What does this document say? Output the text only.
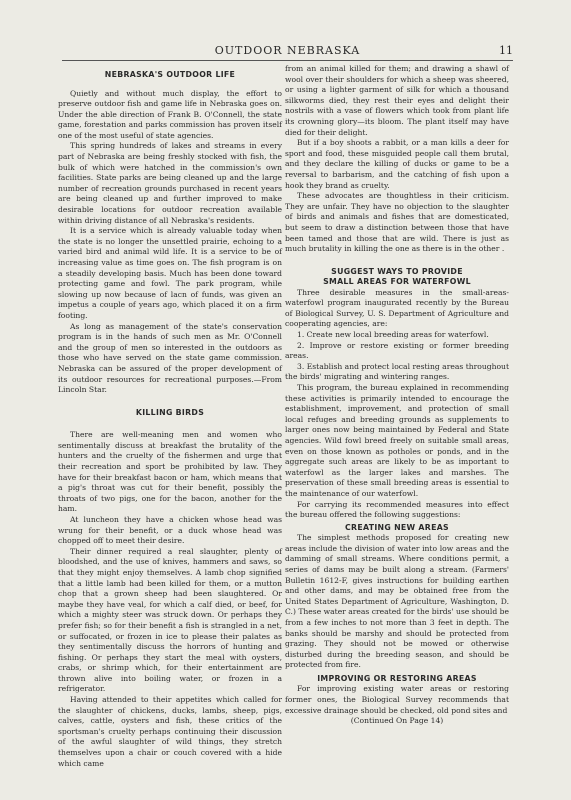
OUTDOOR NEBRASKA	11
NEBRASKA'S OUTDOOR LIFE

Quietly and without much display, the effort to preserve outdoor fish and game life in Nebraska goes on. Under the able direction of Frank B. O'Connell, the state game, forestation and parks commission has proven itself one of the most useful of state agencies.

This spring hundreds of lakes and streams in every part of Nebraska are being freshly stocked with fish, the bulk of which were hatched in the commission's own facilities. State parks are being cleaned up and the large number of recreation grounds purchased in recent years are being cleaned up and further improved to make desirable locations for outdoor recreation available within driving distance of all Nebraska's residents.

It is a service which is already valuable today when the state is no longer the unsettled prairie, echoing to a varied bird and animal wild life. It is a service to be of increasing value as time goes on. The fish program is on a steadily developing basis. Much has been done toward protecting game and fowl. The park program, while slowing up now because of lacn of funds, was given an impetus a couple of years ago, which placed it on a firm footing.

As long as management of the state's conservation program is in the hands of such men as Mr. O'Connell and the group of men so interested in the outdoors as those who have served on the state game commission. Nebraska can be assured of the proper development of its outdoor resources for recreational purposes.—From Lincoln Star.

KILLING BIRDS

There are well-meaning men and women who sentimentally discuss at breakfast the brutality of the hunters and the cruelty of the fishermen and urge that their recreation and sport be prohibited by law. They have for their breakfast bacon or ham, which means that a pig's throat was cut for their benefit, possibly the throats of two pigs, one for the bacon, another for the ham.

At luncheon they have a chicken whose head was wrung for their benefit, or a duck whose head was chopped off to meet their desire.

Their dinner required a real slaughter, plenty of bloodshed, and the use of knives, hammers and saws, so that they might enjoy themselves. A lamb chop signified that a little lamb had been killed for them, or a mutton chop that a grown sheep had been slaughtered. Or maybe they have veal, for which a calf died, or beef, for which a mighty steer was struck down. Or perhaps they prefer fish; so for their benefit a fish is strangled in a net, or suffocated, or frozen in ice to please their palates as they sentimentally discuss the horrors of hunting and fishing. Or perhaps they start the meal with oysters, crabs, or shrimp which, for their entertainment are thrown alive into boiling water, or frozen in a refrigerator.

Having attended to their appetites which called for the slaughter of chickens, ducks, lambs, sheep, pigs, calves, cattle, oysters and fish, these critics of the sportsman's cruelty perhaps continuing their discussion of the awful slaughter of wild things, they stretch themselves upon a chair or couch covered with a hide which came

from an animal killed for them; and drawing a shawl of wool over their shoulders for which a sheep was sheered, or using a lighter garment of silk for which a thousand silkworms died, they rest their eyes and delight their nostrils with a vase of flowers which took from plant life its crowning glory—its bloom. The plant itself may have died for their delight.

But if a boy shoots a rabbit, or a man kills a deer for sport and food, these misguided people call them brutal, and they declare the killing of ducks or game to be a reversal to barbarism, and the catching of fish upon a hook they brand as cruelty.

These advocates are thoughtless in their criticism. They are unfair. They have no objection to the slaughter of birds and animals and fishes that are domesticated, but seem to draw a distinction between those that have been tamed and those that are wild. There is just as much brutality in killing the one as there is in the other .

SUGGEST WAYS TO PROVIDE
SMALL AREAS FOR WATERFOWL

Three desirable measures in the small-areas-waterfowl program inaugurated recently by the Bureau of Biological Survey, U. S. Department of Agriculture and cooperating agencies, are:

1. Create new local breeding areas for waterfowl.

2. Improve or restore existing or former breeding areas.

3. Establish and protect local resting areas throughout the birds' migrating and wintering ranges.

This program, the bureau explained in recommending these activities is primarily intended to encourage the establishment, improvement, and protection of small local refuges and breeding grounds as supplements to larger ones now being maintained by Federal and State agencies. Wild fowl breed freely on suitable small areas, even on those known as potholes or ponds, and in the aggregate such areas are likely to be as important to waterfowl as the larger lakes and marshes. The preservation of these small breeding areas is essential to the maintenance of our waterfowl.

For carrying its recommended measures into effect the bureau offered the following suggestions:

CREATING NEW AREAS

The simplest methods proposed for creating new areas include the division of water into low areas and the damming of small streams. Where conditions permit, a series of dams may be built along a stream. (Farmers' Bulletin 1612-F, gives instructions for building earthen and other dams, and may be obtained free from the United States Department of Agriculture, Washington, D. C.) These water areas created for the birds' use should be from a few inches to not more than 3 feet in depth. The banks should be marshy and should be protected from grazing. They should not be mowed or otherwise disturbed during the breeding season, and should be protected from fire.

IMPROVING OR RESTORING AREAS

For improving existing water areas or restoring former ones, the Biological Survey recommends that excessive drainage should be checked, old pond sites and

(Continued On Page 14)
